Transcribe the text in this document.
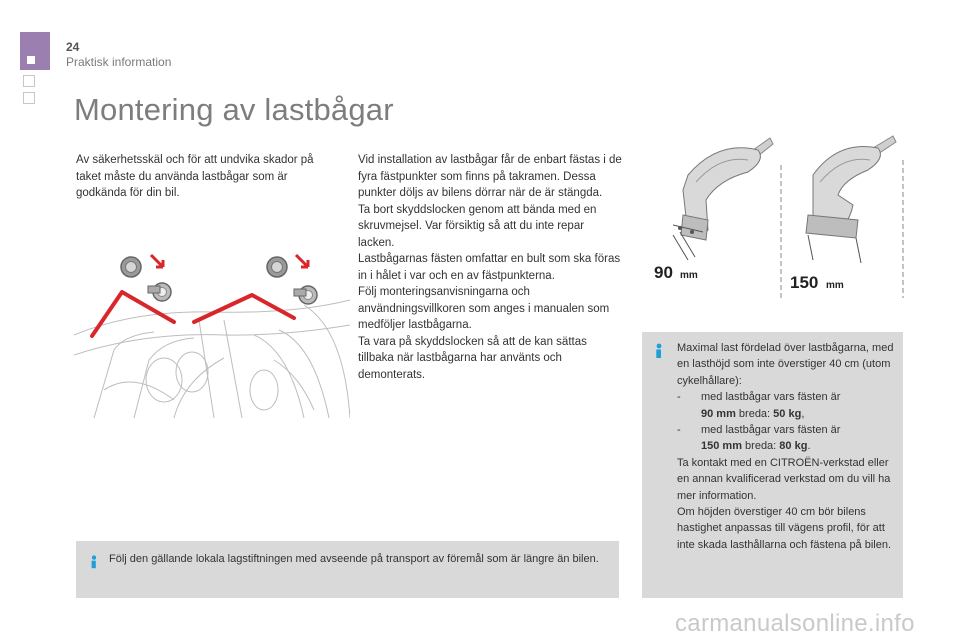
24
Praktisk information
Montering av lastbågar
Av säkerhetsskäl och för att undvika skador på taket måste du använda lastbågar som är godkända för din bil.

Vid installation av lastbågar får de enbart fästas i de fyra fästpunkter som finns på takramen. Dessa punkter döljs av bilens dörrar när de är stängda.

Ta bort skyddslocken genom att bända med en skruvmejsel. Var försiktig så att du inte repar lacken.

Lastbågarnas fästen omfattar en bult som ska föras in i hålet i var och en av fästpunkterna.

Följ monteringsanvisningarna och användningsvillkoren som anges i manualen som medföljer lastbågarna.

Ta vara på skyddslocken så att de kan sättas tillbaka när lastbågarna har använts och demonterats.

90 mm	150 mm
Maximal last fördelad över lastbågarna, med en lasthöjd som inte överstiger 40 cm (utom cykelhållare):
- med lastbågar vars fästen är
90 mm breda: 50 kg,
- med lastbågar vars fästen är
150 mm breda: 80 kg.
Ta kontakt med en CITROËN-verkstad eller en annan kvalificerad verkstad om du vill ha mer information.
Om höjden överstiger 40 cm bör bilens hastighet anpassas till vägens profil, för att inte skada lasthållarna och fästena på bilen.
Följ den gällande lokala lagstiftningen med avseende på transport av föremål som är längre än bilen.
carmanualsonline.info
